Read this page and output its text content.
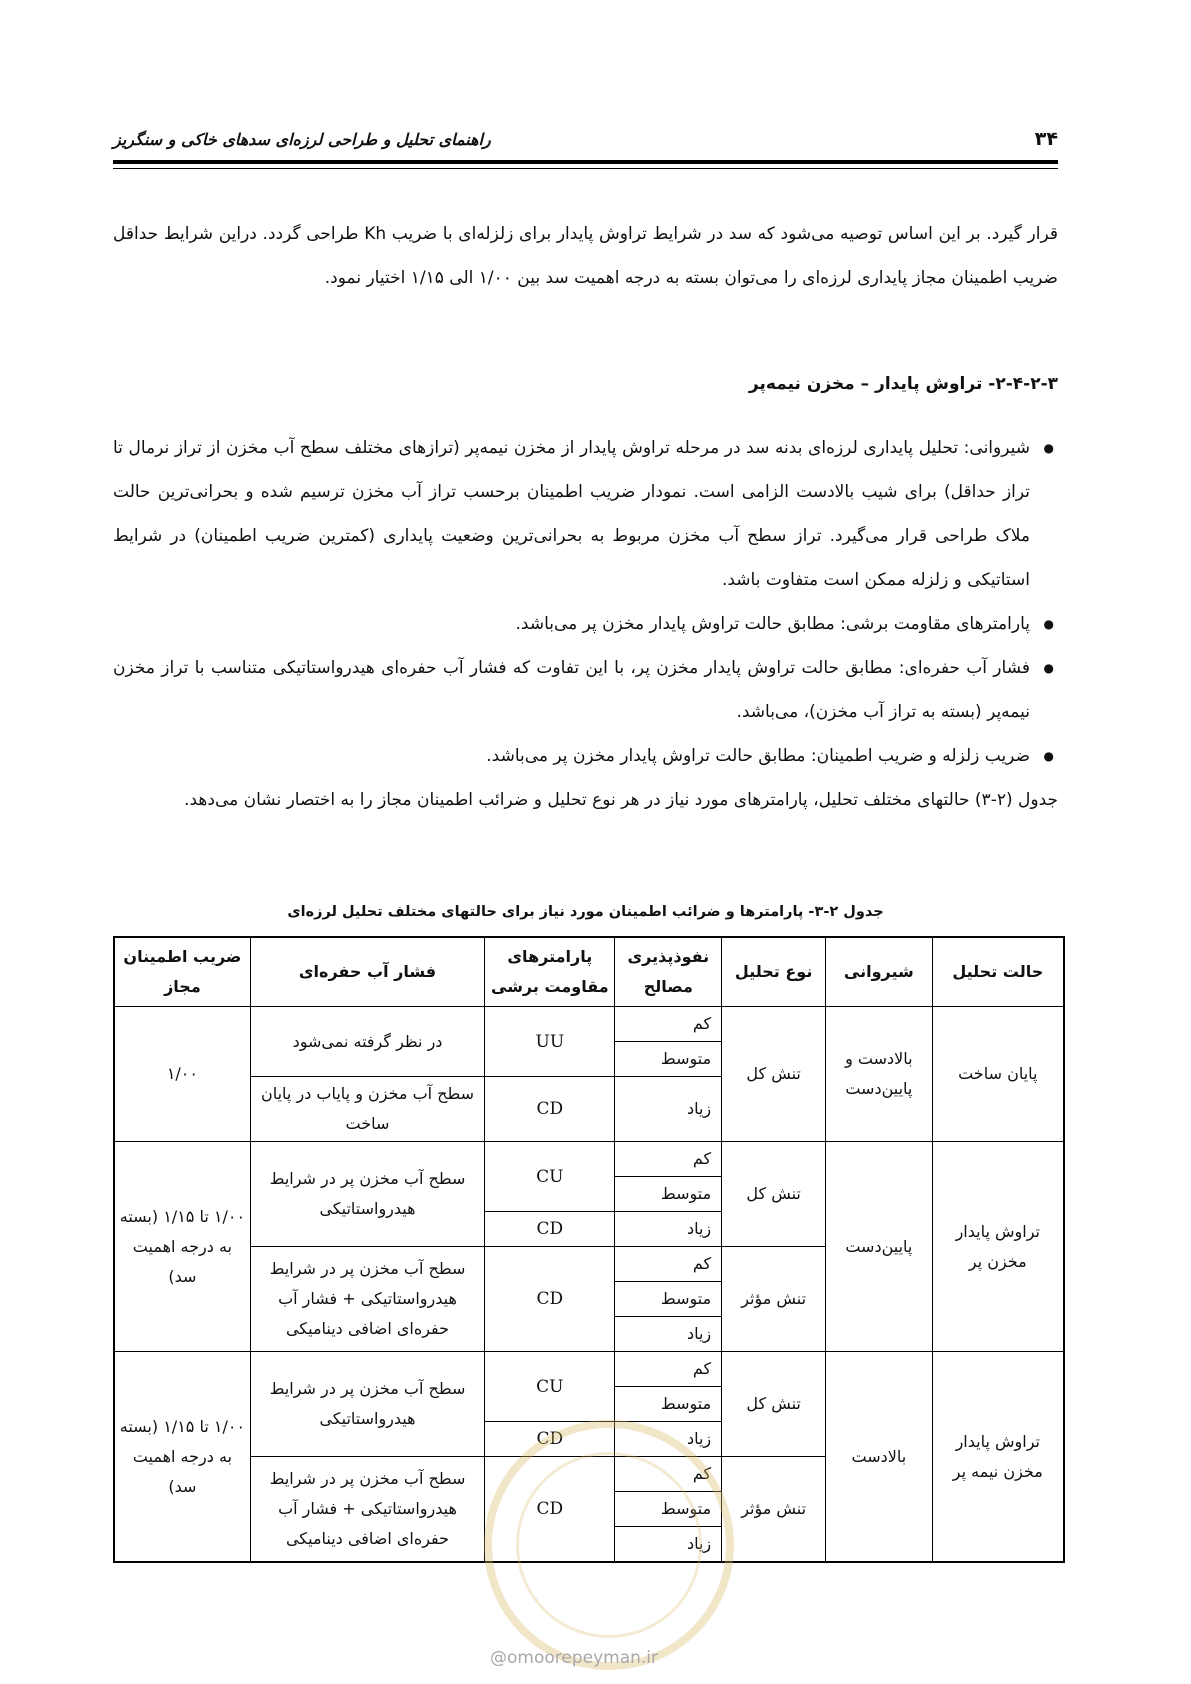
۳۴
راهنمای تحلیل و طراحی لرزه‌ای سدهای خاکی و سنگریز

قرار گیرد. بر این اساس توصیه می‌شود که سد در شرایط تراوش پایدار برای زلزله‌ای با ضریب Kh طراحی گردد. دراین شرایط حداقل ضریب اطمینان مجاز پایداری لرزه‌ای را می‌توان بسته به درجه اهمیت سد بین ۱/۰۰ الی ۱/۱۵ اختیار نمود.

۲-۴-۲-۳- تراوش پایدار – مخزن نیمه‌پر
● شیروانی: تحلیل پایداری لرزه‌ای بدنه سد در مرحله تراوش پایدار از مخزن نیمه‌پر (ترازهای مختلف سطح آب مخزن از تراز نرمال تا تراز حداقل) برای شیب بالادست الزامی است. نمودار ضریب اطمینان برحسب تراز آب مخزن ترسیم شده و بحرانی‌ترین حالت ملاک طراحی قرار می‌گیرد. تراز سطح آب مخزن مربوط به بحرانی‌ترین وضعیت پایداری (کمترین ضریب اطمینان) در شرایط استاتیکی و زلزله ممکن است متفاوت باشد.
● پارامترهای مقاومت برشی: مطابق حالت تراوش پایدار مخزن پر می‌باشد.
● فشار آب حفره‌ای: مطابق حالت تراوش پایدار مخزن پر، با این تفاوت که فشار آب حفره‌ای هیدرواستاتیکی متناسب با تراز مخزن نیمه‌پر (بسته به تراز آب مخزن)، می‌باشد.
● ضریب زلزله و ضریب اطمینان: مطابق حالت تراوش پایدار مخزن پر می‌باشد.

جدول (۲-۳) حالتهای مختلف تحلیل، پارامترهای مورد نیاز در هر نوع تحلیل و ضرائب اطمینان مجاز را به اختصار نشان می‌دهد.

جدول ۲-۳- پارامترها و ضرائب اطمینان مورد نیاز برای حالتهای مختلف تحلیل لرزه‌ای
حالت تحلیل	شیروانی	نوع تحلیل	نفوذپذیری مصالح	پارامترهای مقاومت برشی	فشار آب حفره‌ای	ضریب اطمینان مجاز
پایان ساخت	بالادست و پایین‌دست	تنش کل	کم	UU	در نظر گرفته نمی‌شود	۱/۰۰
			متوسط			
			زیاد	CD	سطح آب مخزن و پایاب در پایان ساخت	
تراوش پایدار مخزن پر	پایین‌دست	تنش کل	کم	CU	سطح آب مخزن پر در شرایط هیدرواستاتیکی	۱/۰۰ تا ۱/۱۵ (بسته به درجه اهمیت سد)
			متوسط			
			زیاد	CD		
		تنش مؤثر	کم	CD	سطح آب مخزن پر در شرایط هیدرواستاتیکی + فشار آب حفره‌ای اضافی دینامیکی	
			متوسط			
			زیاد			
تراوش پایدار مخزن نیمه پر	بالادست	تنش کل	کم	CU	سطح آب مخزن پر در شرایط هیدرواستاتیکی	۱/۰۰ تا ۱/۱۵ (بسته به درجه اهمیت سد)
			متوسط			
			زیاد	CD		
		تنش مؤثر	کم	CD	سطح آب مخزن پر در شرایط هیدرواستاتیکی + فشار آب حفره‌ای اضافی دینامیکی	
			متوسط			
			زیاد			
@omoorepeyman.ir
